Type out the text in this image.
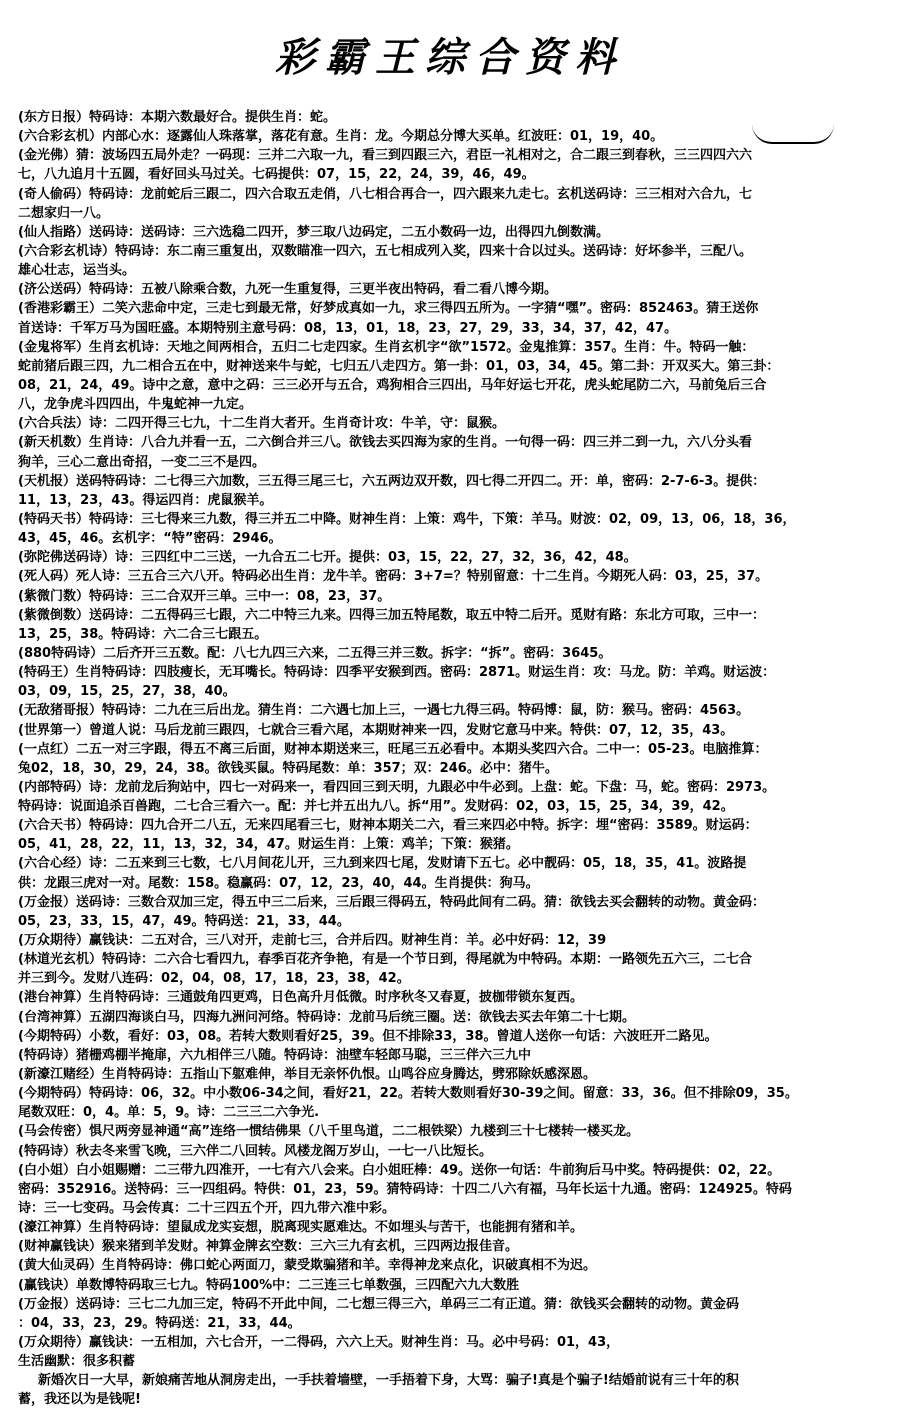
彩霸王综合资料
(东方日报）特码诗：本期六数最好合。提供生肖：蛇。
(六合彩玄机）内部心水：逐露仙人珠落掌，落花有意。生肖：龙。今期总分博大买单。红波旺：01，19，40。
(金光佛）猜：波场四五局外走？一码现：三并二六取一九，看三到四跟三六，君臣一礼相对之，合二跟三到春秋，三三四四六六
七，八九追月十五圆，看好回头马过关。七码提供：07，15，22，24，39，46，49。
(奇人偷码）特码诗：龙前蛇后三跟二，四六合取五走俏，八七相合再合一，四六跟来九走七。玄机送码诗：三三相对六合九，七
二想家归一八。
(仙人指路）送码诗：送码诗：三六选稳二四开，梦三取八边码定，二五小数码一边，出得四九倒数满。
(六合彩玄机诗）特码诗：东二南三重复出，双数瞄准一四六，五七相成列入奖，四来十合以过头。送码诗：好坏参半，三配八。
雄心壮志，运当头。
(济公送码）特码诗：五被八除乘合数，九死一生重复得，三更半夜出特码，看二看八博今期。
(香港彩霸王）二笑六悲命中定，三走七到最无常，好梦成真如一九，求三得四五所为。一字猜“嘿”。密码：852463。猜王送你
首送诗：千军万马为国旺盛。本期特别主意号码：08，13，01，18，23，27，29，33，34，37，42，47。
(金鬼将军）生肖玄机诗：天地之间两相合，五归二七走四家。生肖玄机字“欲”1572。金鬼推算：357。生肖：牛。特码一触：
蛇前猪后跟三四，九二相合五在中，财神送来牛与蛇，七归五八走四方。第一卦：01，03，34，45。第二卦：开双买大。第三卦：
08，21，24，49。诗中之意，意中之码：三三必开与五合，鸡狗相合三四出，马年好运七开花，虎头蛇尾防二六，马前兔后三合
八，龙争虎斗四四出，牛鬼蛇神一九定。
(六合兵法）诗：二四开得三七九，十二生肖大者开。生肖奇计攻：牛羊，守：鼠猴。
(新天机数）生肖诗：八合九并看一五，二六倒合并三八。欲钱去买四海为家的生肖。一句得一码：四三并二到一九，六八分头看
狗羊，三心二意出奇招，一变二三不是四。
(天机报）送码特码诗：二七得三六加数，三五得三尾三七，六五两边双开数，四七得二开四二。开：单，密码：2-7-6-3。提供：
11，13，23，43。得运四肖：虎鼠猴羊。
(特码天书）特码诗：三七得来三九数，得三并五二中降。财神生肖：上策：鸡牛，下策：羊马。财波：02，09，13，06，18，36，
43，45，46。玄机字：“特”密码：2946。
(弥陀佛送码诗）诗：三四红中二三送，一九合五二七开。提供：03，15，22，27，32，36，42，48。
(死人码）死人诗：三五合三六八开。特码必出生肖：龙牛羊。密码：3+7=？特别留意：十二生肖。今期死人码：03，25，37。
(紫微门数）特码诗：三二合双开三单。三中一：08，23，37。
(紫微倒数）送码诗：二五得码三七跟，六二中特三九来。四得三加五特尾数，取五中特二后开。觅财有路：东北方可取，三中一：
13，25，38。特码诗：六二合三七跟五。
(880特码诗）二后齐开三五数。配：八七九四三六来，二五得三并三数。拆字：“拆”。密码：3645。
(特码王）生肖特码诗：四肢瘦长，无耳嘴长。特码诗：四季平安猴到西。密码：2871。财运生肖：攻：马龙。防：羊鸡。财运波：
03，09，15，25，27，38，40。
(无敌猪哥报）特码诗：二九在三后出龙。猜生肖：二六遇七加上三，一遇七九得三码。特码博：鼠，防：猴马。密码：4563。
(世界第一）曾道人说：马后龙前三跟四，七就合三看六尾，本期财神来一四，发财它意马中来。特供：07，12，35，43。
(一点红）二五一对三字跟，得五不离三后面，财神本期送来三，旺尾三五必看中。本期头奖四六合。二中一：05-23。电脑推算：
兔02，18，30，29，24，38。欲钱买鼠。特码尾数：单：357；双：246。必中：猪牛。
(内部特码）诗：龙前龙后狗站中，四七一对码来一，看四回三到天明，九跟必中牛必到。上盘：蛇。下盘：马，蛇。密码：2973。
特码诗：说面追杀百兽跑，二七合三看六一。配：并七并五出九八。拆“用”。发财码：02，03，15，25，34，39，42。
(六合天书）特码诗：四九合开二八五，无来四尾看三七，财神本期关二六，看三来四必中特。拆字：埋“密码：3589。财运码：
05，41，28，22，11，13，32，34，47。财运生肖：上策：鸡羊；下策：猴猪。
(六合心经）诗：二五来到三七数，七八月间花儿开，三九到来四七尾，发财请下五七。必中靓码：05，18，35，41。波路提
供：龙跟三虎对一对。尾数：158。稳赢码：07，12，23，40，44。生肖提供：狗马。
(万金报）送码诗：三数合双加三定，得五中三二后来，三后跟三得码五，特码此间有二码。猜：欲钱去买会翻转的动物。黄金码：
05，23，33，15，47，49。特码送：21，33，44。
(万众期待）赢钱诀：二五对合，三八对开，走前七三，合并后四。财神生肖：羊。必中好码：12，39
(林道光玄机）特码诗：二六合七看四九，春季百花齐争艳，有是一个节日到，得尾就为中特码。本期：一路领先五六三，二七合
并三到今。发财八连码：02，04，08，17，18，23，38，42。
(港台神算）生肖特码诗：三通鼓角四更鸡，日色高升月低微。时序秋冬又春夏，披枷带锁东复西。
(台湾神算）五湖四海谈白马，四海九洲问河络。特码诗：龙前马后统三圈。送：欲钱去买去年第二十七期。
(今期特码）小数，看好：03，08。若转大数则看好25，39。但不排除33，38。曾道人送你一句话：六波旺开二路见。
(特码诗）猪栅鸡棚半掩扉，六九相伴三八随。特码诗：油壁车轻郎马聪，三三伴六三九中
(新濠江赌经）生肖特码诗：五指山下躯难伸，举目无亲怀仇恨。山鸣谷应身腾达，劈邪除妖感深恩。
(今期特码）特码诗：06，32。中小数06-34之间，看好21，22。若转大数则看好30-39之间。留意：33，36。但不排除09，35。
尾数双旺：0，4。单：5，9。诗：二三三二六争光.
(马会传密）惧尺两旁显神通“高”连络一惯结佛果（八千里鸟道，二二根铁梁）九楼到三十七楼转一楼买龙。
(特码诗）秋去冬来雪飞晚，三六伴二八回转。风楼龙阁万岁山，一七一八比短长。
(白小姐）白小姐赐赠：二三带九四准开，一七有六八会来。白小姐旺棒：49。送你一句话：牛前狗后马中奖。特码提供：02，22。
密码：352916。送特码：三一四组码。特供：01，23，59。猜特码诗：十四二八六有福，马年长运十九通。密码：124925。特码
诗：三一七变码。马会传真：二十三四五个开，四九带六准中彩。
(濠江神算）生肖特码诗：望鼠成龙实妄想，脱离现实愿难达。不如埋头与苦干，也能拥有猪和羊。
(财神赢钱诀）猴来猪到羊发财。神算金牌玄空数：三六三九有玄机，三四两边报佳音。
(黄大仙灵码）生肖特码诗：佛口蛇心两面刀，蒙受欺骗猪和羊。幸得神龙来点化，识破真相不为迟。
(赢钱诀）单数博特码取三七九。特码100%中：二三连三七单数强，三四配六九大数胜
(万金报）送码诗：三七二九加三定，特码不开此中间，二七想三得三六，单码三二有正道。猜：欲钱买会翻转的动物。黄金码
：04，33，23，29。特码送：21，33，44。
(万众期待）赢钱诀：一五相加，六七合开，一二得码，六六上天。财神生肖：马。必中号码：01，43，
生活幽默：很多积蓄
新婚次日一大早，新娘痛苦地从洞房走出，一手扶着墙壁，一手捂着下身，大骂：骗子!真是个骗子!结婚前说有三十年的积
蓄，我还以为是钱呢!
